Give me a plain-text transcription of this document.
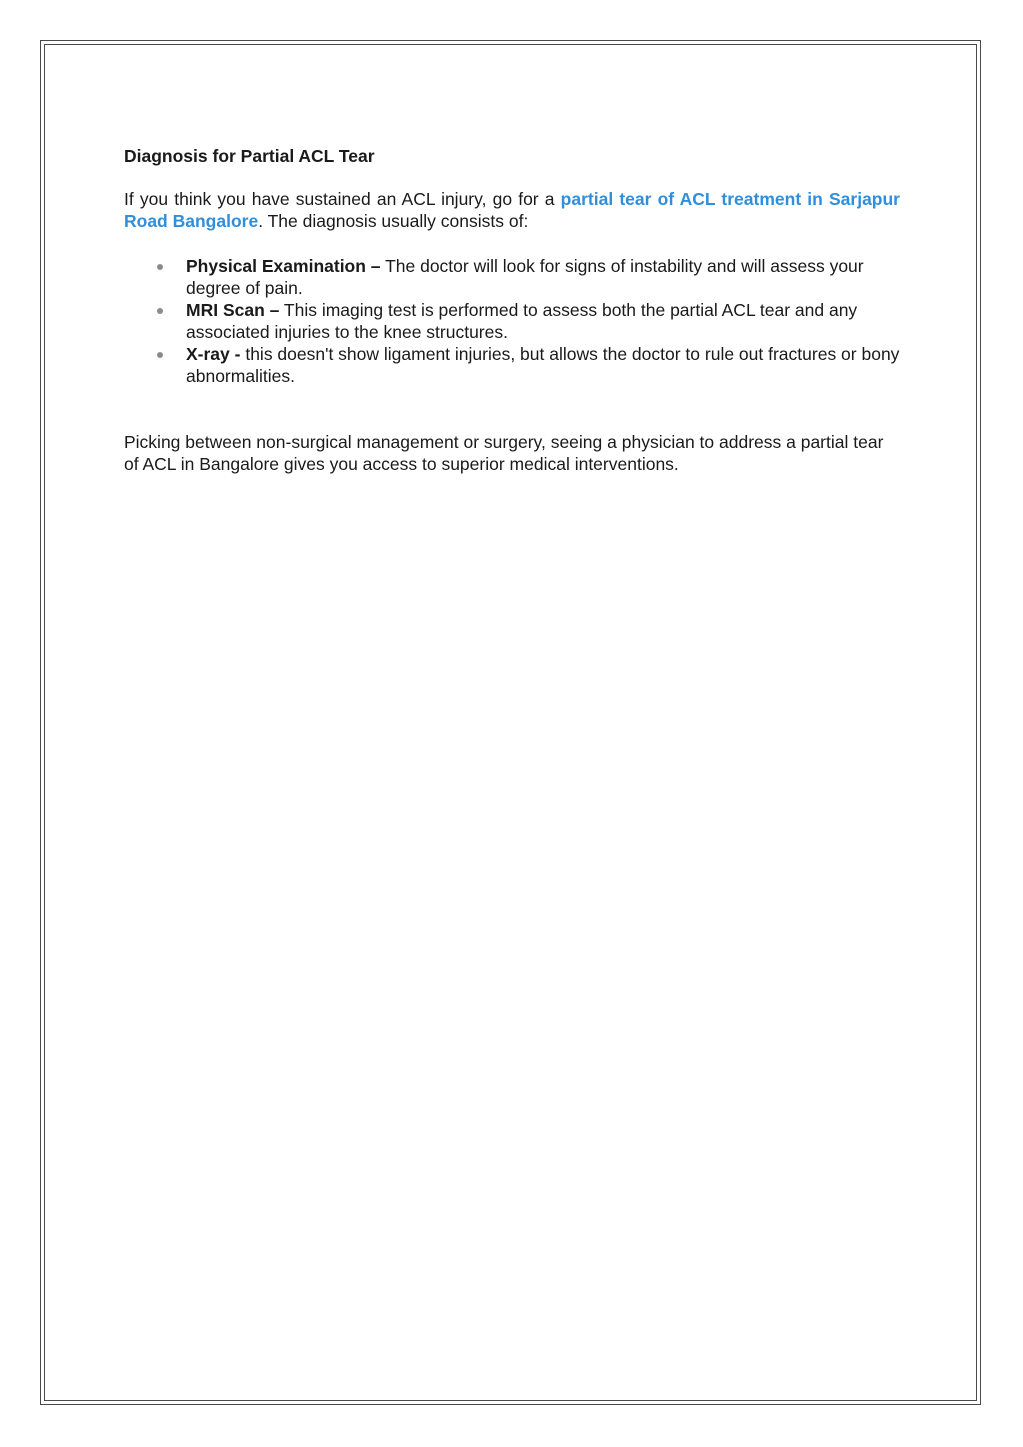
Diagnosis for Partial ACL Tear

If you think you have sustained an ACL injury, go for a partial tear of ACL treatment in Sarjapur Road Bangalore. The diagnosis usually consists of:

Physical Examination – The doctor will look for signs of instability and will assess your degree of pain.
MRI Scan – This imaging test is performed to assess both the partial ACL tear and any associated injuries to the knee structures.
X-ray - this doesn't show ligament injuries, but allows the doctor to rule out fractures or bony abnormalities.

Picking between non-surgical management or surgery, seeing a physician to address a partial tear of ACL in Bangalore gives you access to superior medical interventions.
